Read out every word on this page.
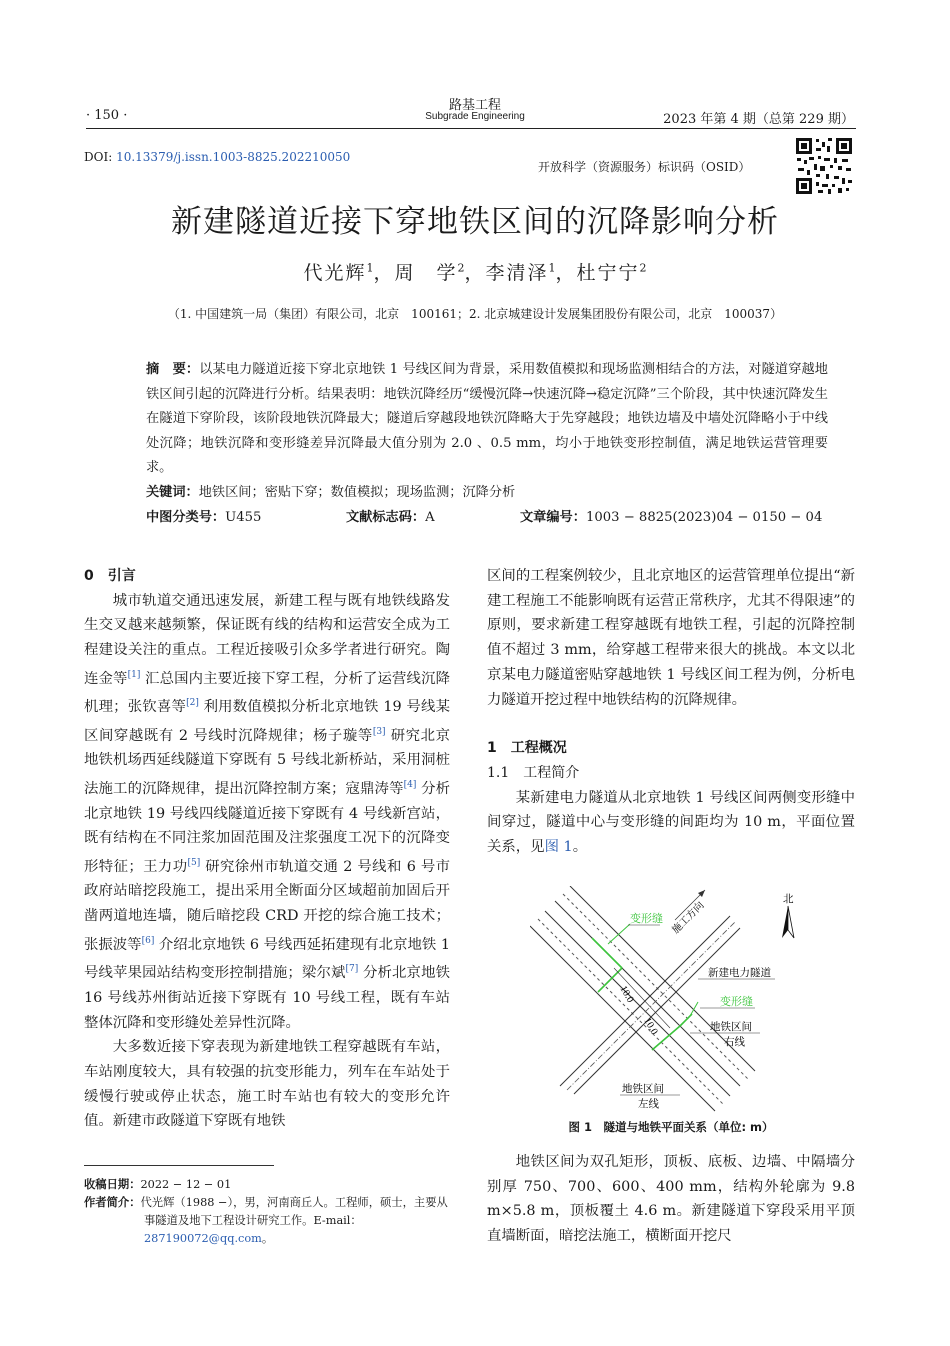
· 150 ·
路基工程
Subgrade Engineering	2023 年第 4 期（总第 229 期）
DOI: 10.13379/j.issn.1003-8825.202210050
开放科学（资源服务）标识码（OSID）
新建隧道近接下穿地铁区间的沉降影响分析
代光辉$^1$，周　学$^2$，李清泽$^1$，杜宁宁$^2$
（1. 中国建筑一局（集团）有限公司，北京　100161；2. 北京城建设计发展集团股份有限公司，北京　100037）
摘　要：以某电力隧道近接下穿北京地铁 1 号线区间为背景，采用数值模拟和现场监测相结合的方法，对隧道穿越地铁区间引起的沉降进行分析。结果表明：地铁沉降经历“缓慢沉降→快速沉降→稳定沉降”三个阶段，其中快速沉降发生在隧道下穿阶段，该阶段地铁沉降最大；隧道后穿越段地铁沉降略大于先穿越段；地铁边墙及中墙处沉降略小于中线处沉降；地铁沉降和变形缝差异沉降最大值分别为 2.0 、0.5 mm，均小于地铁变形控制值，满足地铁运营管理要求。
关键词：地铁区间；密贴下穿；数值模拟；现场监测；沉降分析
中图分类号：U455	文献标志码：A	文章编号：1003 − 8825(2023)04 − 0150 − 04
0　引言

城市轨道交通迅速发展，新建工程与既有地铁线路发生交叉越来越频繁，保证既有线的结构和运营安全成为工程建设关注的重点。工程近接吸引众多学者进行研究。陶连金等[1] 汇总国内主要近接下穿工程，分析了运营线沉降机理；张钦喜等[2] 利用数值模拟分析北京地铁 19 号线某区间穿越既有 2 号线时沉降规律；杨子璇等[3] 研究北京地铁机场西延线隧道下穿既有 5 号线北新桥站，采用洞桩法施工的沉降规律，提出沉降控制方案；寇鼎涛等[4] 分析北京地铁 19 号线四线隧道近接下穿既有 4 号线新宫站，既有结构在不同注浆加固范围及注浆强度工况下的沉降变形特征；王力功[5] 研究徐州市轨道交通 2 号线和 6 号市政府站暗挖段施工，提出采用全断面分区域超前加固后开凿两道地连墙，随后暗挖段 CRD 开挖的综合施工技术；张振波等[6] 介绍北京地铁 6 号线西延拓建现有北京地铁 1 号线苹果园站结构变形控制措施；梁尔斌[7] 分析北京地铁 16 号线苏州街站近接下穿既有 10 号线工程，既有车站整体沉降和变形缝处差异性沉降。

大多数近接下穿表现为新建地铁工程穿越既有车站，车站刚度较大，具有较强的抗变形能力，列车在车站处于缓慢行驶或停止状态，施工时车站也有较大的变形允许值。新建市政隧道下穿既有地铁

收稿日期：2022 − 12 − 01
作者简介：代光辉（1988 −），男，河南商丘人。工程师，硕士，主要从事隧道及地下工程设计研究工作。E-mail：287190072@qq.com。

区间的工程案例较少，且北京地区的运营管理单位提出“新建工程施工不能影响既有运营正常秩序，尤其不得限速”的原则，要求新建工程穿越既有地铁工程，引起的沉降控制值不超过 3 mm，给穿越工程带来很大的挑战。本文以北京某电力隧道密贴穿越地铁 1 号线区间工程为例，分析电力隧道开挖过程中地铁结构的沉降规律。

1　工程概况
1.1　工程简介

某新建电力隧道从北京地铁 1 号线区间两侧变形缝中间穿过，隧道中心与变形缝的间距均为 10 m，平面位置关系，见图 1。

10.0
10.0
变形缝
变形缝
施工方向
新建电力隧道
地铁区间
右线
地铁区间
左线
北
图 1　隧道与地铁平面关系（单位: m）

地铁区间为双孔矩形，顶板、底板、边墙、中隔墙分别厚 750、700、600、400 mm，结构外轮廓为 9.8 m×5.8 m，顶板覆土 4.6 m。新建隧道下穿段采用平顶直墙断面，暗挖法施工，横断面开挖尺
